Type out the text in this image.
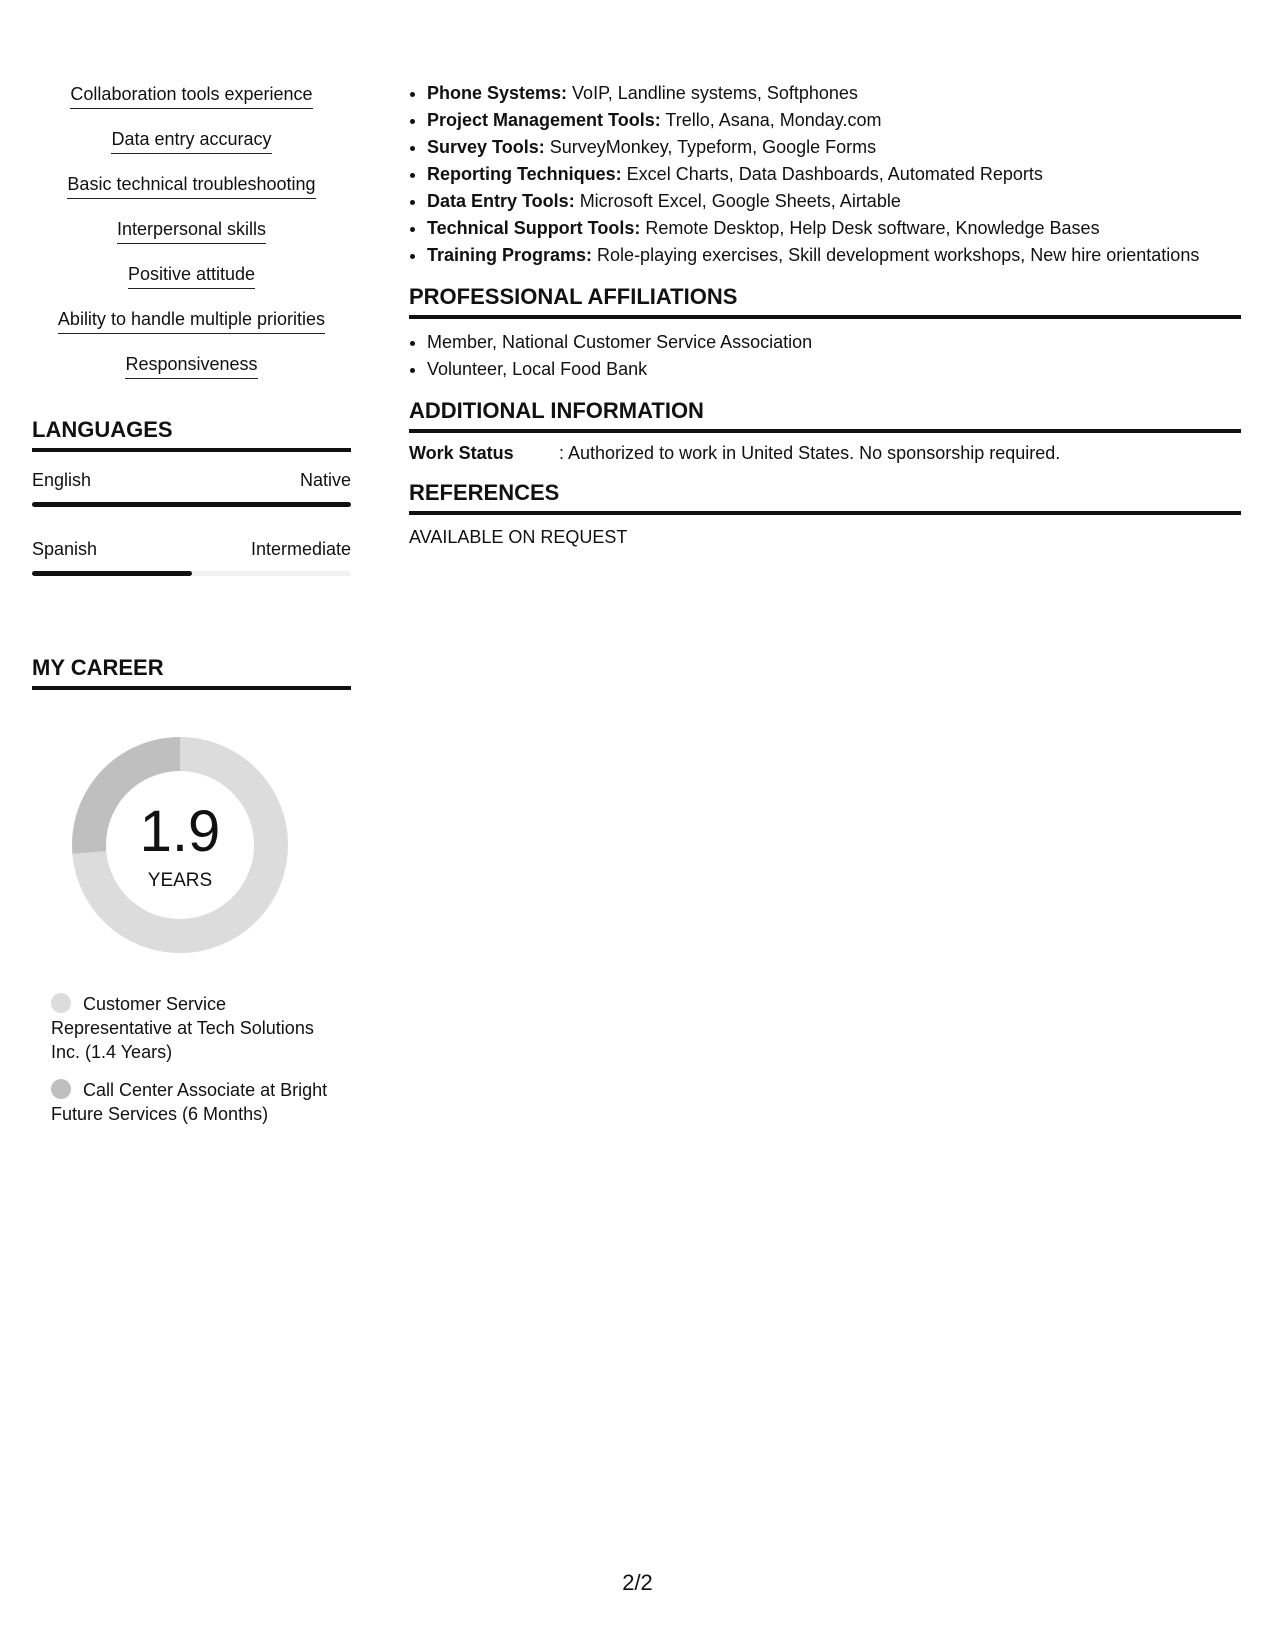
Collaboration tools experience
Data entry accuracy
Basic technical troubleshooting
Interpersonal skills
Positive attitude
Ability to handle multiple priorities
Responsiveness
LANGUAGES
English	Native
Spanish	Intermediate
MY CAREER
1.9
YEARS
Customer Service Representative at Tech Solutions Inc. (1.4 Years)
Call Center Associate at Bright Future Services (6 Months)
• Phone Systems: VoIP, Landline systems, Softphones
• Project Management Tools: Trello, Asana, Monday.com
• Survey Tools: SurveyMonkey, Typeform, Google Forms
• Reporting Techniques: Excel Charts, Data Dashboards, Automated Reports
• Data Entry Tools: Microsoft Excel, Google Sheets, Airtable
• Technical Support Tools: Remote Desktop, Help Desk software, Knowledge Bases
• Training Programs: Role-playing exercises, Skill development workshops, New hire orientations
PROFESSIONAL AFFILIATIONS
• Member, National Customer Service Association
• Volunteer, Local Food Bank
ADDITIONAL INFORMATION
Work Status	: Authorized to work in United States. No sponsorship required.
REFERENCES
AVAILABLE ON REQUEST
2/2
